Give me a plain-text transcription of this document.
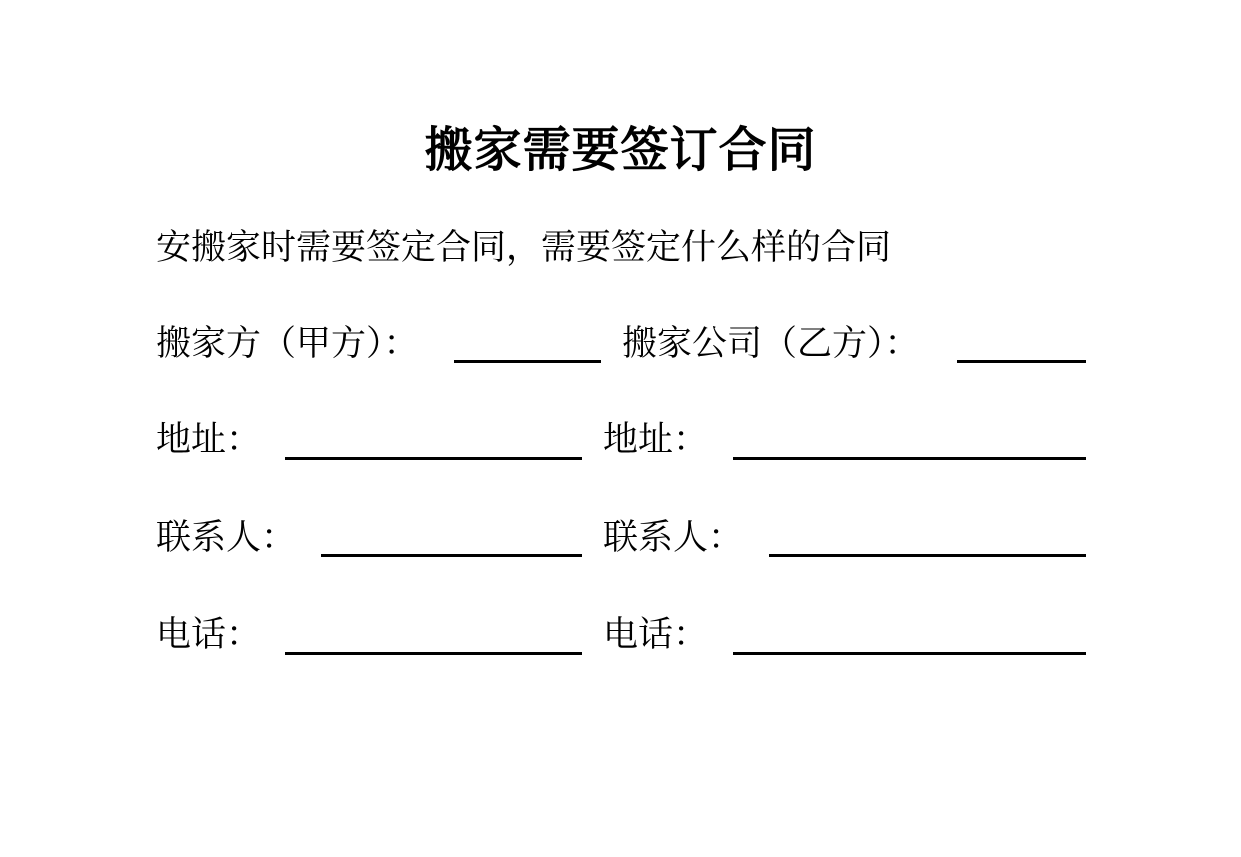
搬家需要签订合同
安搬家时需要签定合同，需要签定什么样的合同
搬家方（甲方）：	搬家公司（乙方）：
地址：	地址：
联系人：	联系人：
电话：	电话：
